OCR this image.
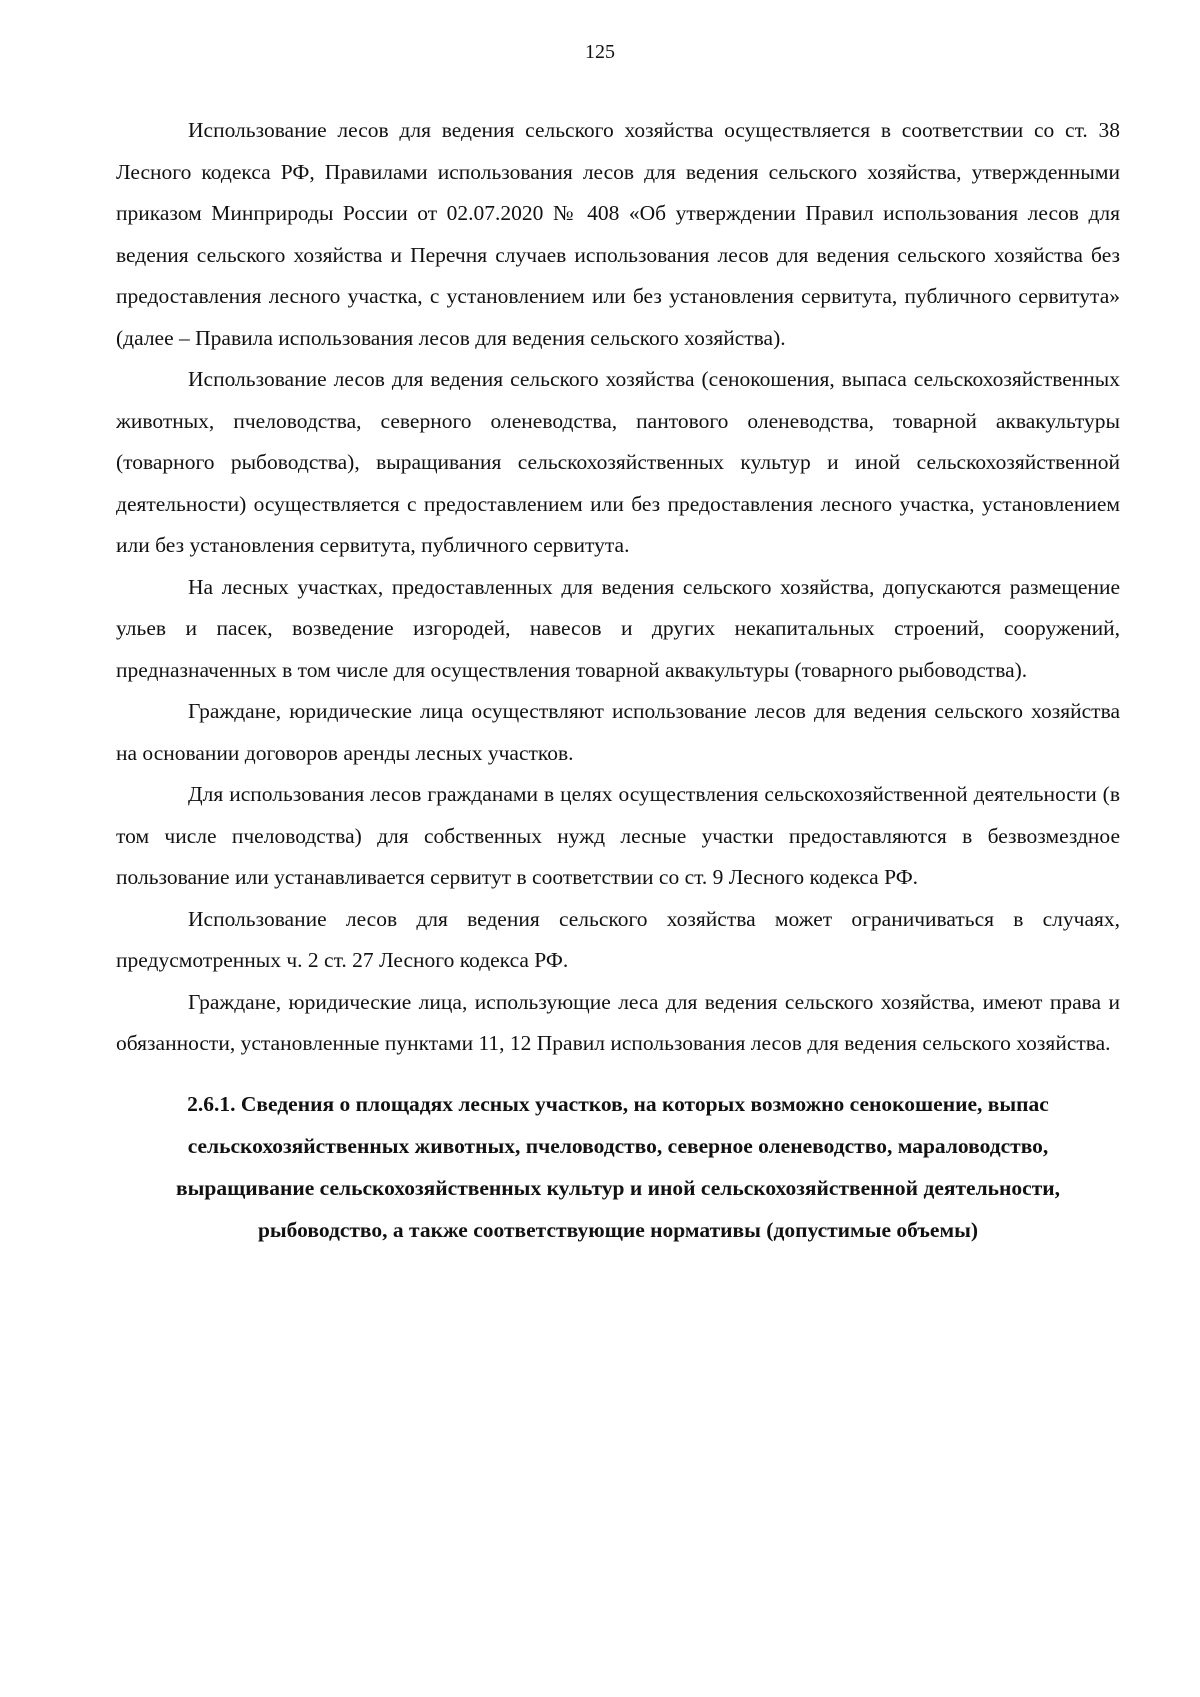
125

Использование лесов для ведения сельского хозяйства осуществляется в соответствии со ст. 38 Лесного кодекса РФ, Правилами использования лесов для ведения сельского хозяйства, утвержденными приказом Минприроды России от 02.07.2020 № 408 «Об утверждении Правил использования лесов для ведения сельского хозяйства и Перечня случаев использования лесов для ведения сельского хозяйства без предоставления лесного участка, с установлением или без установления сервитута, публичного сервитута» (далее – Правила использования лесов для ведения сельского хозяйства).

Использование лесов для ведения сельского хозяйства (сенокошения, выпаса сельскохозяйственных животных, пчеловодства, северного оленеводства, пантового оленеводства, товарной аквакультуры (товарного рыбоводства), выращивания сельскохозяйственных культур и иной сельскохозяйственной деятельности) осуществляется с предоставлением или без предоставления лесного участка, установлением или без установления сервитута, публичного сервитута.

На лесных участках, предоставленных для ведения сельского хозяйства, допускаются размещение ульев и пасек, возведение изгородей, навесов и других некапитальных строений, сооружений, предназначенных в том числе для осуществления товарной аквакультуры (товарного рыбоводства).

Граждане, юридические лица осуществляют использование лесов для ведения сельского хозяйства на основании договоров аренды лесных участков.

Для использования лесов гражданами в целях осуществления сельскохозяйственной деятельности (в том числе пчеловодства) для собственных нужд лесные участки предоставляются в безвозмездное пользование или устанавливается сервитут в соответствии со ст. 9 Лесного кодекса РФ.

Использование лесов для ведения сельского хозяйства может ограничиваться в случаях, предусмотренных ч. 2 ст. 27 Лесного кодекса РФ.

Граждане, юридические лица, использующие леса для ведения сельского хозяйства, имеют права и обязанности, установленные пунктами 11, 12 Правил использования лесов для ведения сельского хозяйства.

2.6.1. Сведения о площадях лесных участков, на которых возможно сенокошение, выпас сельскохозяйственных животных, пчеловодство, северное оленеводство, мараловодство, выращивание сельскохозяйственных культур и иной сельскохозяйственной деятельности, рыбоводство, а также соответствующие нормативы (допустимые объемы)
